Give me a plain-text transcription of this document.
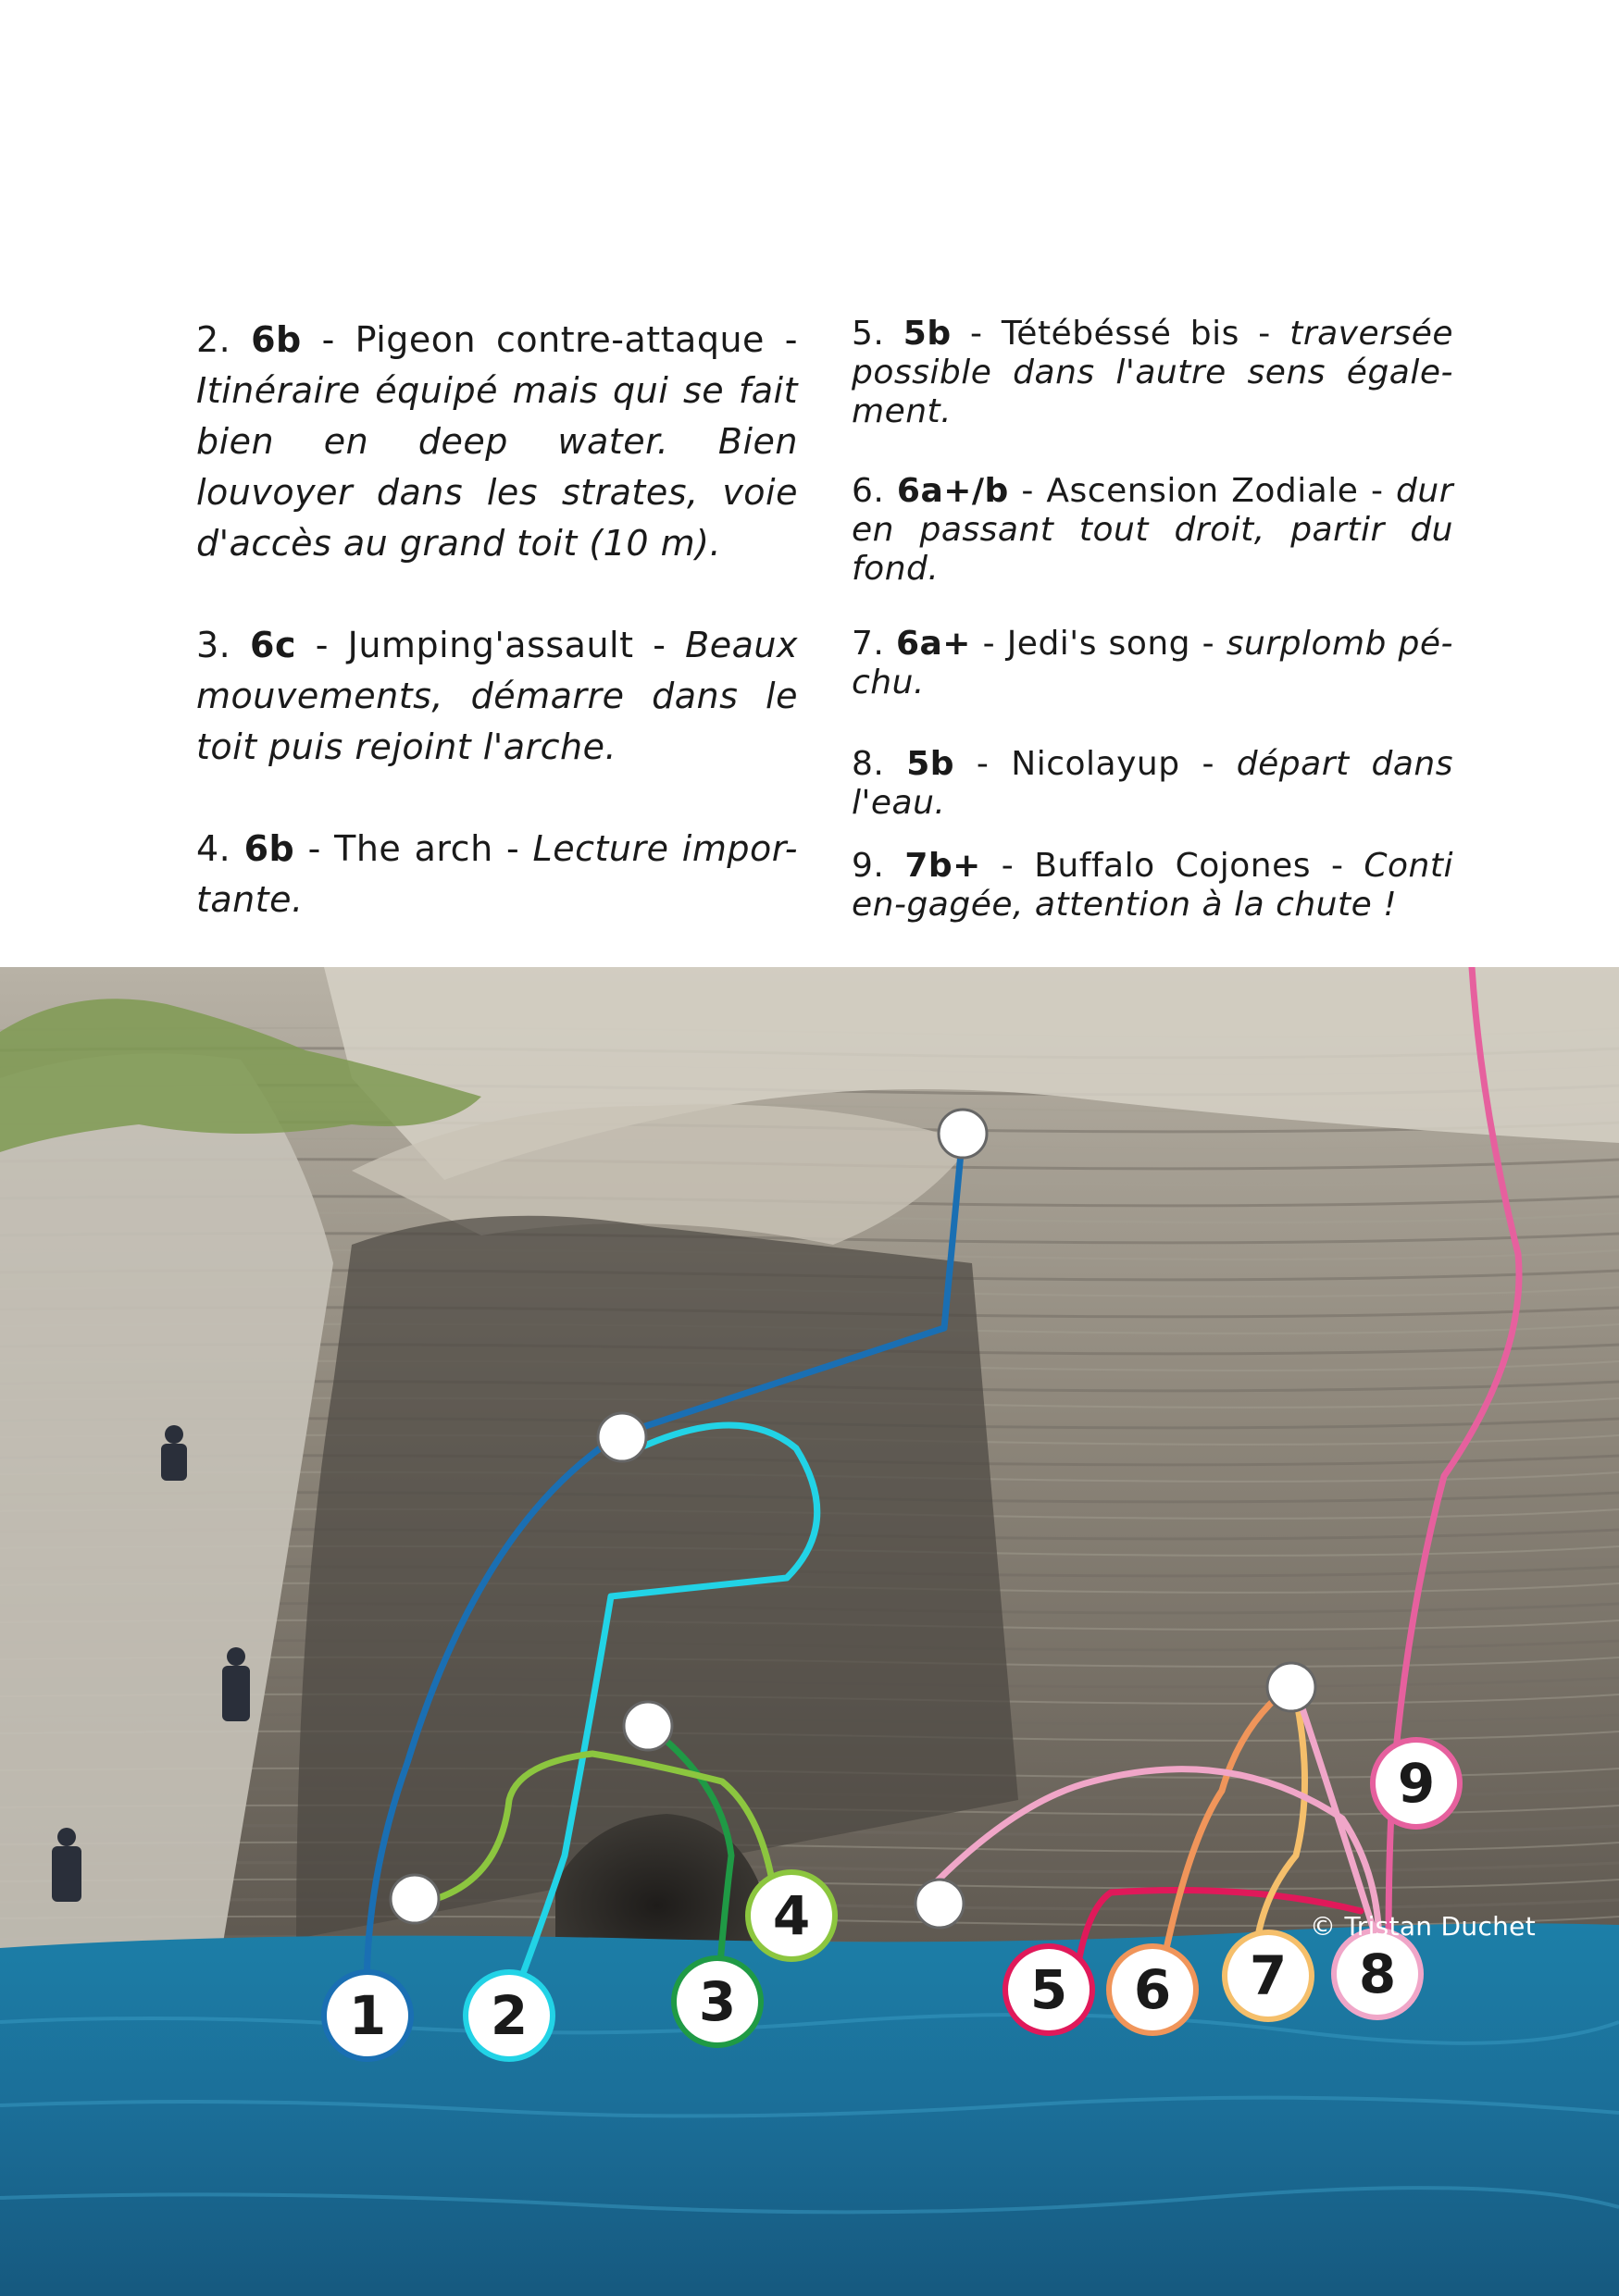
2. 6b - Pigeon contre-attaque - Itinéraire équipé mais qui se fait bien en deep water. Bien louvoyer dans les strates, voie d'accès au grand toit (10 m).

3. 6c - Jumping'assault - Beaux mouvements, démarre dans le toit puis rejoint l'arche.

4. 6b - The arch - Lecture impor-tante.

5. 5b - Tétébéssé bis - traversée possible dans l'autre sens égale-ment.

6. 6a+/b - Ascension Zodiale - dur en passant tout droit, partir du fond.

7. 6a+ - Jedi's song - surplomb pé-chu.

8. 5b - Nicolayup - départ dans l'eau.

9. 7b+ - Buffalo Cojones - Conti en-gagée, attention à la chute !

1 2	3
4
5 6 7 8
9
© Tristan Duchet
